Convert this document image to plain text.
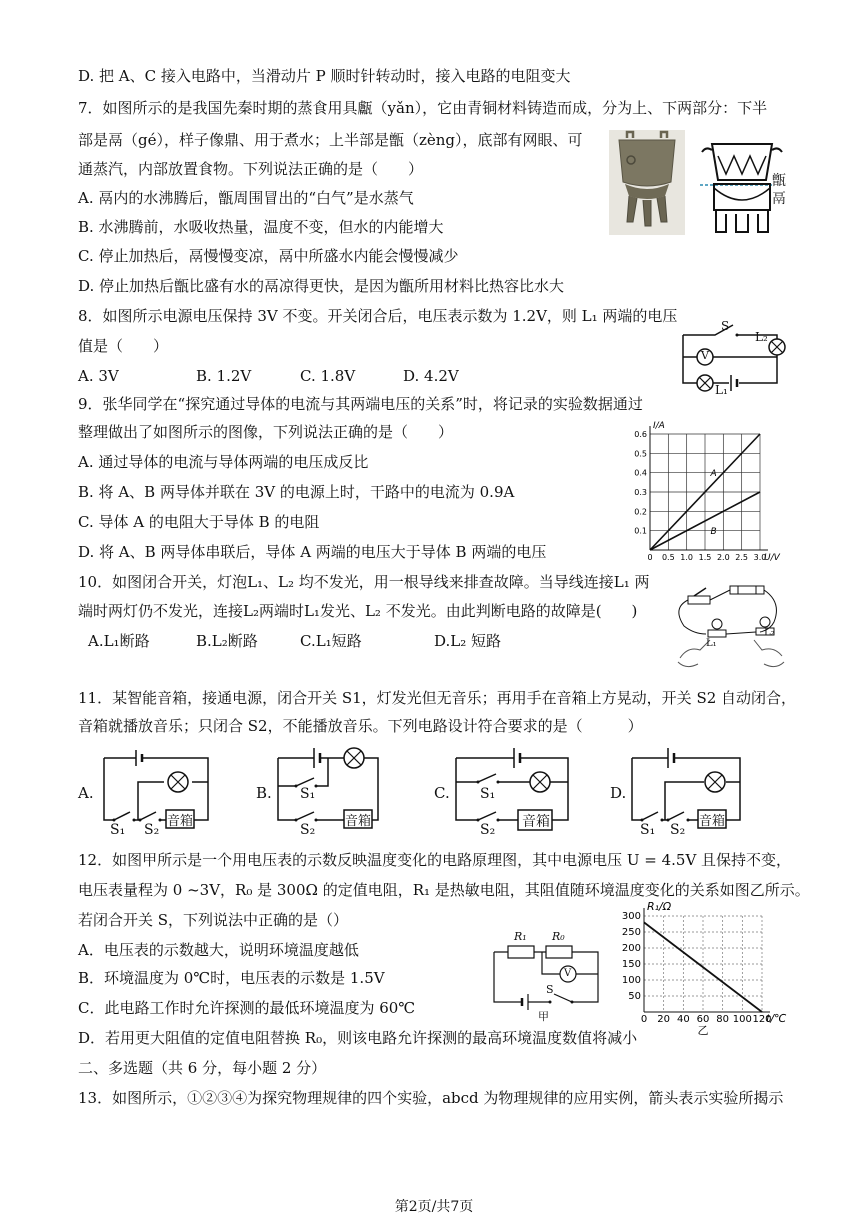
D. 把 A、C 接入电路中，当滑动片 P 顺时针转动时，接入电路的电阻变大
7．如图所示的是我国先秦时期的蒸食用具甗（yǎn），它由青铜材料铸造而成，分为上、下两部分：下半
部是鬲（gé），样子像鼎、用于煮水；上半部是甑（zèng），底部有网眼、可
通蒸汽，内部放置食物。下列说法正确的是（　　）
A. 鬲内的水沸腾后，甑周围冒出的“白气”是水蒸气
B. 水沸腾前，水吸收热量，温度不变，但水的内能增大
C. 停止加热后，鬲慢慢变凉，鬲中所盛水内能会慢慢减少
D. 停止加热后甑比盛有水的鬲凉得更快，是因为甑所用材料比热容比水大
8．如图所示电源电压保持 3V 不变。开关闭合后，电压表示数为 1.2V，则 L₁ 两端的电压
值是（　　）
A. 3V	B. 1.2V	C. 1.8V	D. 4.2V
9．张华同学在“探究通过导体的电流与其两端电压的关系”时，将记录的实验数据通过
整理做出了如图所示的图像，下列说法正确的是（　　）
A. 通过导体的电流与导体两端的电压成反比
B. 将 A、B 两导体并联在 3V 的电源上时，干路中的电流为 0.9A
C. 导体 A 的电阻大于导体 B 的电阻
D. 将 A、B 两导体串联后，导体 A 两端的电压大于导体 B 两端的电压
10．如图闭合开关，灯泡L₁、L₂ 均不发光，用一根导线来排查故障。当导线连接L₁ 两
端时两灯仍不发光，连接L₂两端时L₁发光、L₂ 不发光。由此判断电路的故障是(　　)
A.L₁断路	B.L₂断路	C.L₁短路	D.L₂ 短路
11．某智能音箱，接通电源，闭合开关 S1，灯发光但无音乐；再用手在音箱上方晃动，开关 S2 自动闭合，
音箱就播放音乐；只闭合 S2，不能播放音乐。下列电路设计符合要求的是（　　　）
12．如图甲所示是一个用电压表的示数反映温度变化的电路原理图，其中电源电压 U = 4.5V 且保持不变，
电压表量程为 0 ~3V，R₀ 是 300Ω 的定值电阻，R₁ 是热敏电阻，其阻值随环境温度变化的关系如图乙所示。
若闭合开关 S，下列说法中正确的是（）
A．电压表的示数越大，说明环境温度越低
B．环境温度为 0℃时，电压表的示数是 1.5V
C．此电路工作时允许探测的最低环境温度为 60℃
D．若用更大阻值的定值电阻替换 R₀，则该电路允许探测的最高环境温度数值将减小
二、多选题（共 6 分，每小题 2 分）
13．如图所示，①②③④为探究物理规律的四个实验，abcd 为物理规律的应用实例，箭头表示实验所揭示
甑
鬲
S
L₂
V
L₁
0 0.5 1.0 1.5 2.0 2.5 3.0
0.1
0.2
0.3
0.4
0.5
0.6
I/A
U/V
A
B
L₁
L₂
A.
音箱
S₁ S₂
B.
音箱
S₁
S₂
C.
音箱
S₁
S₂
D.
音箱
S₁ S₂
R₁ R₀
V
S
甲	0 20 40 60 80 100 120
50
100
150
200
250
300
R₁/Ω
t/℃
乙
第2页/共7页
